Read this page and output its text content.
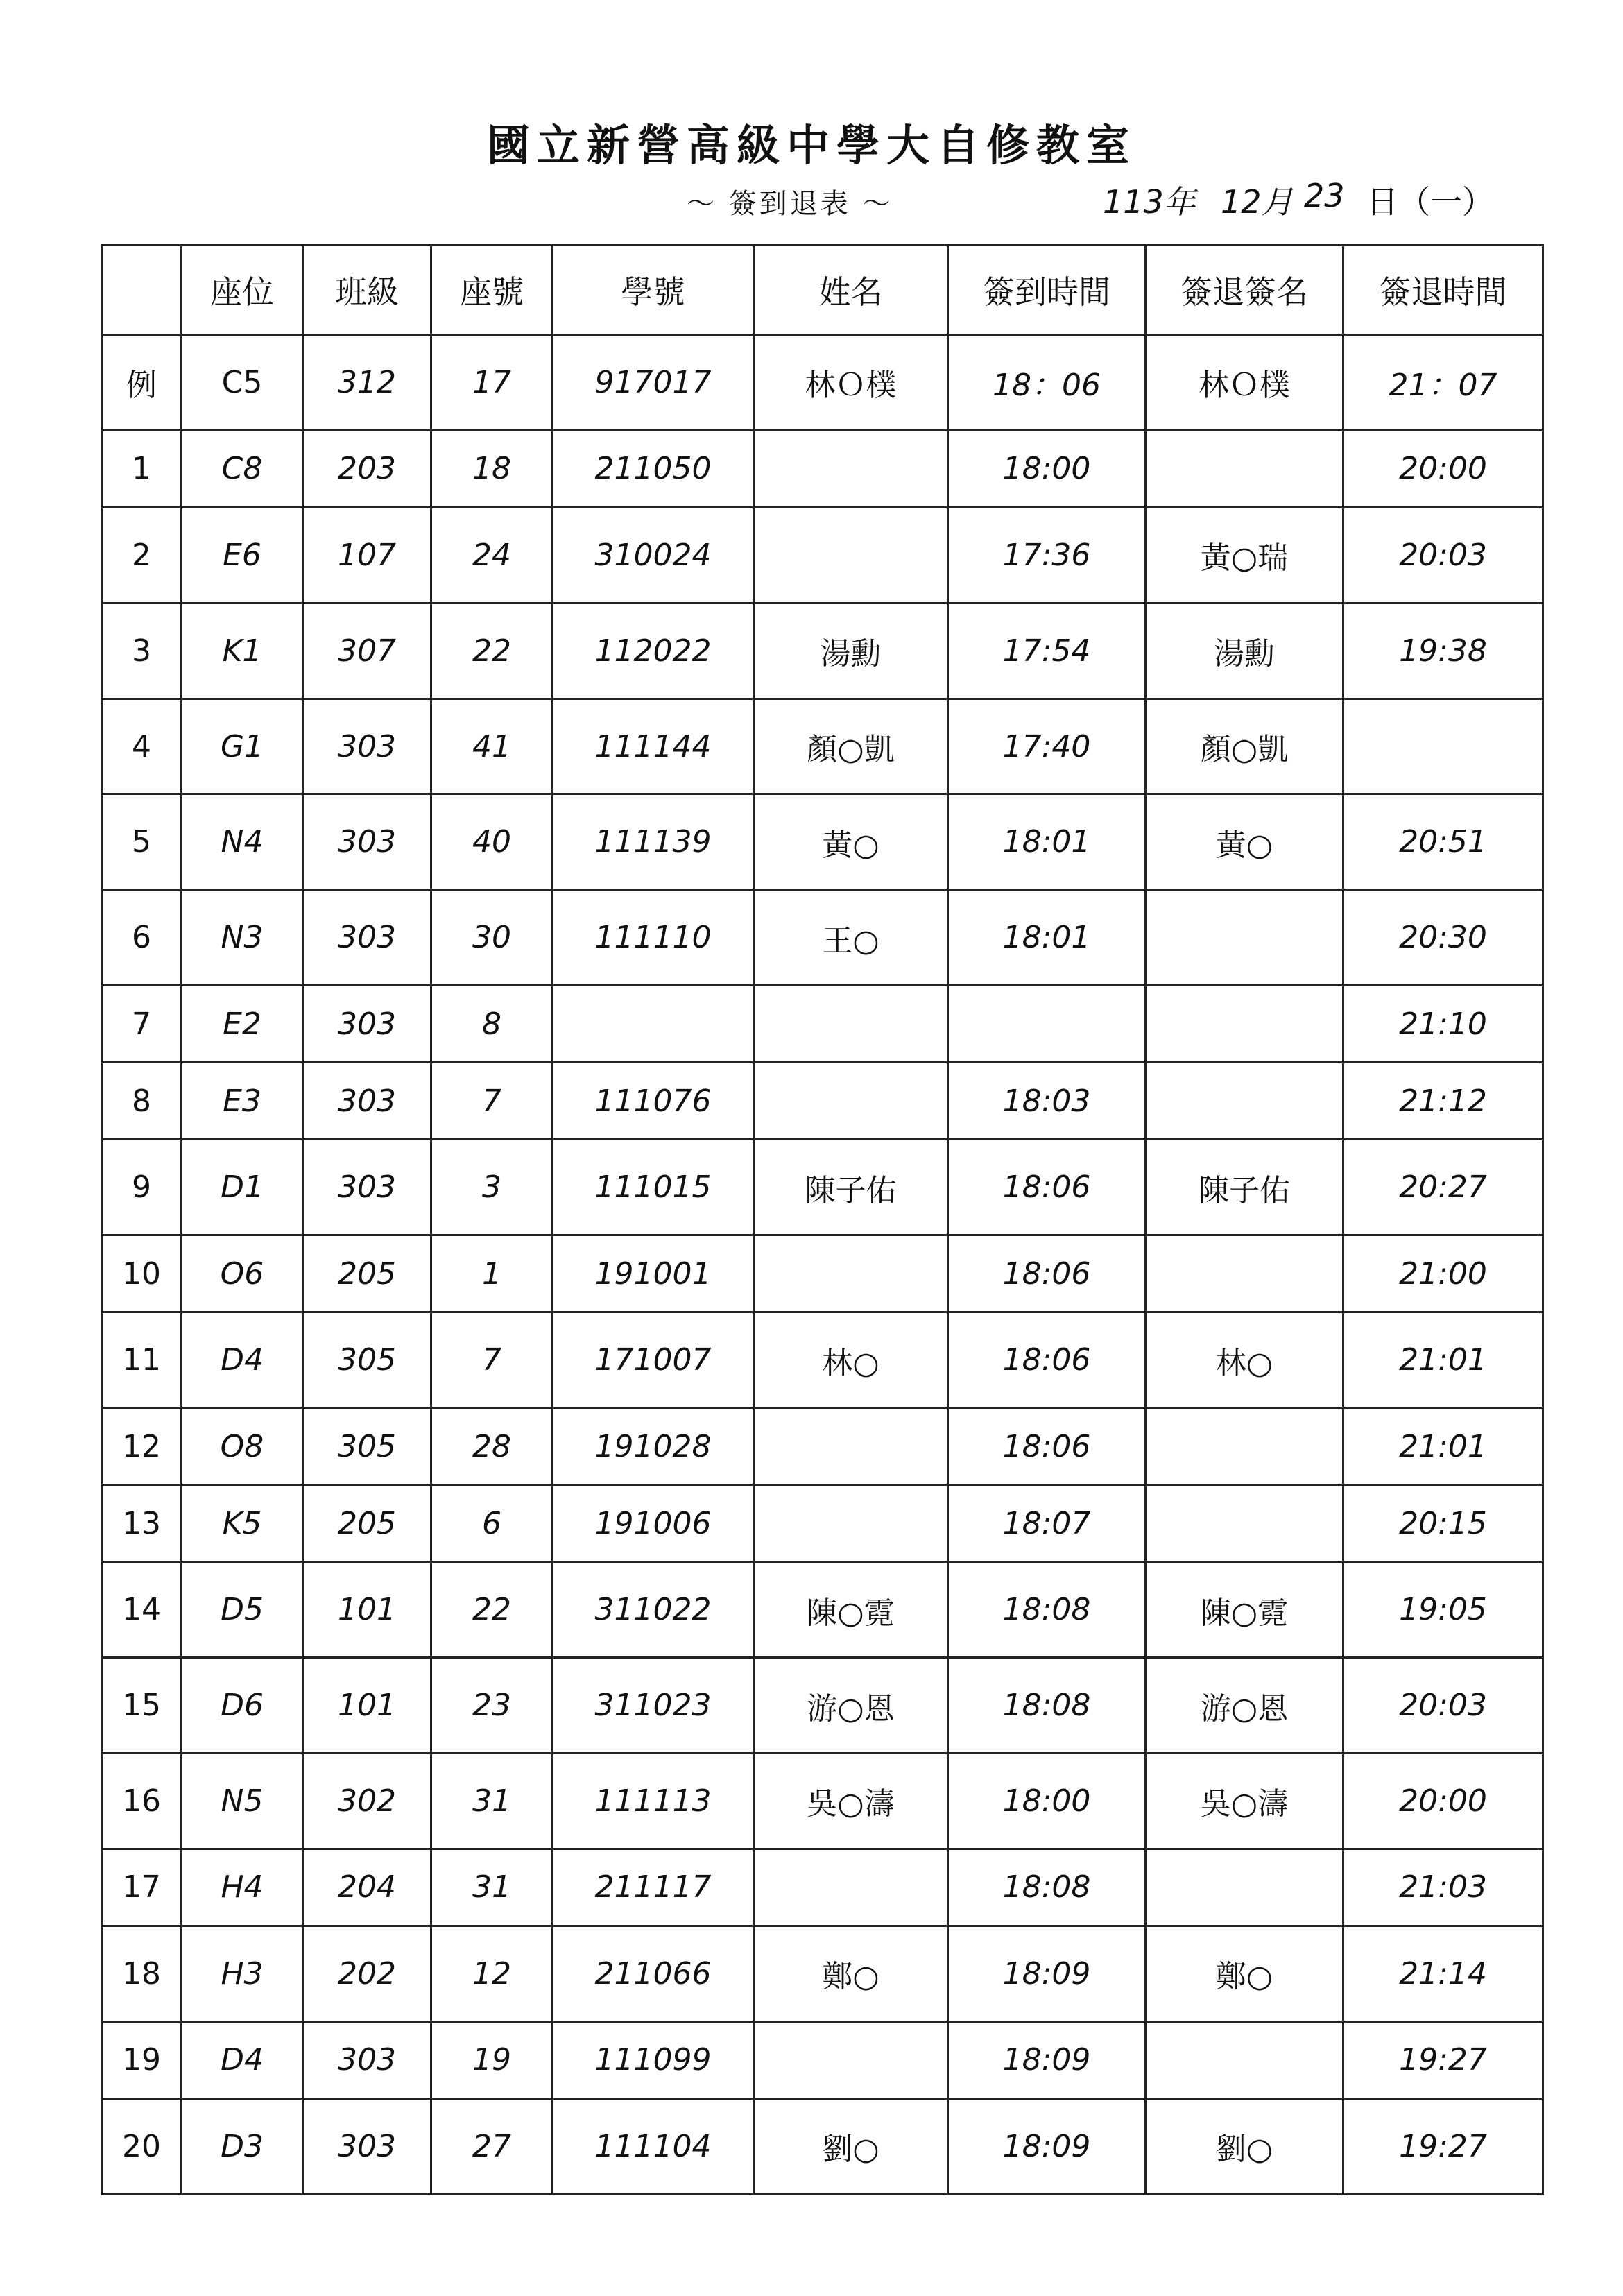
國立新營高級中學大自修教室
～ 簽到退表 ～	113年 12月 23 日（一）
	座位	班級	座號	學號	姓名	簽到時間	簽退簽名	簽退時間
例	C5	312	17	917017	林Ｏ樸	18：06	林Ｏ樸	21：07
1	C8	203	18	211050		18:00		20:00
2	E6	107	24	310024		17:36	黃○瑞	20:03
3	K1	307	22	112022	湯勳	17:54	湯勳	19:38
4	G1	303	41	111144	顏○凱	17:40	顏○凱	
5	N4	303	40	111139	黃○	18:01	黃○	20:51
6	N3	303	30	111110	王○	18:01		20:30
7	E2	303	8					21:10
8	E3	303	7	111076		18:03		21:12
9	D1	303	3	111015	陳子佑	18:06	陳子佑	20:27
10	O6	205	1	191001		18:06		21:00
11	D4	305	7	171007	林○	18:06	林○	21:01
12	O8	305	28	191028		18:06		21:01
13	K5	205	6	191006		18:07		20:15
14	D5	101	22	311022	陳○霓	18:08	陳○霓	19:05
15	D6	101	23	311023	游○恩	18:08	游○恩	20:03
16	N5	302	31	111113	吳○濤	18:00	吳○濤	20:00
17	H4	204	31	211117		18:08		21:03
18	H3	202	12	211066	鄭○	18:09	鄭○	21:14
19	D4	303	19	111099		18:09		19:27
20	D3	303	27	111104	劉○	18:09	劉○	19:27
